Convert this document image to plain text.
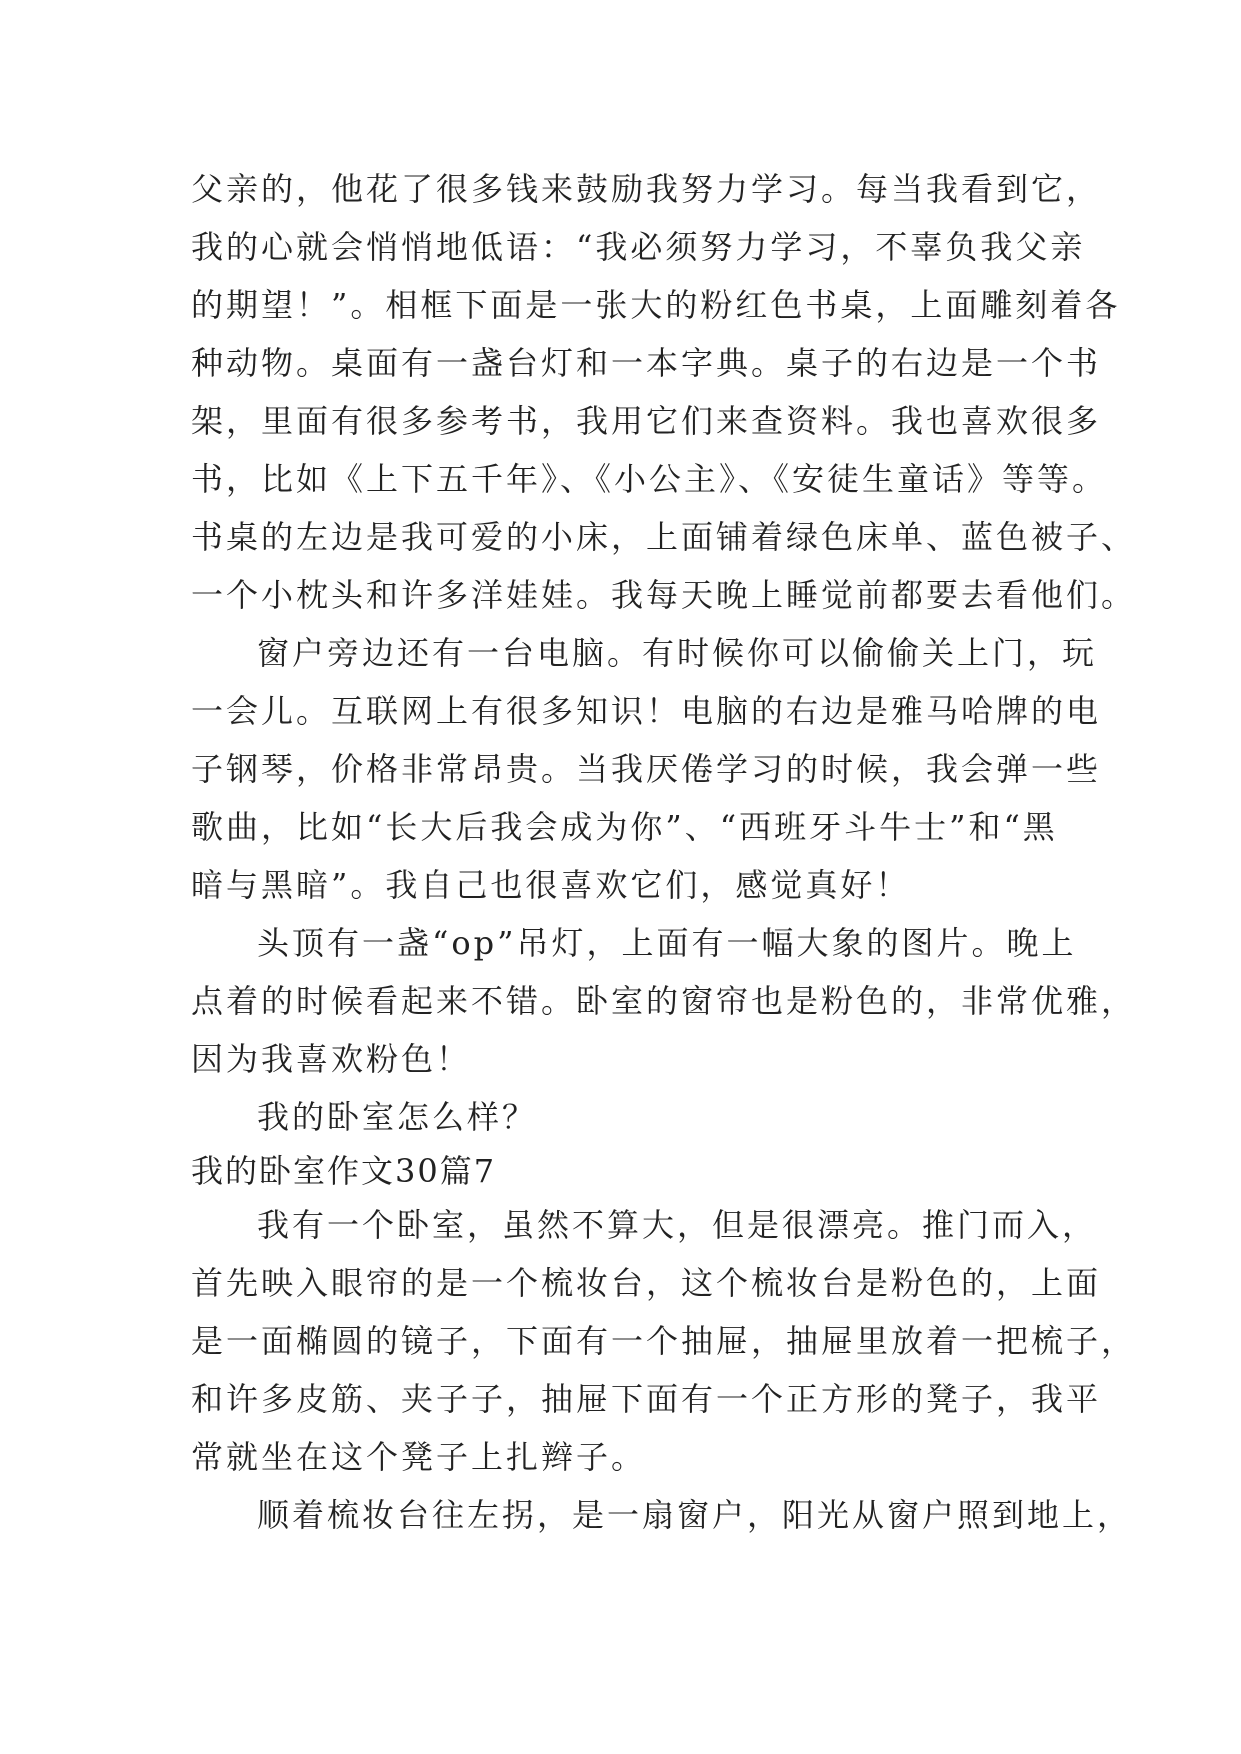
父亲的，他花了很多钱来鼓励我努力学习。每当我看到它，
我的心就会悄悄地低语：“我必须努力学习，不辜负我父亲
的期望！”。相框下面是一张大的粉红色书桌，上面雕刻着各
种动物。桌面有一盏台灯和一本字典。桌子的右边是一个书
架，里面有很多参考书，我用它们来查资料。我也喜欢很多
书，比如《上下五千年》、《小公主》、《安徒生童话》等等。
书桌的左边是我可爱的小床，上面铺着绿色床单、蓝色被子、
一个小枕头和许多洋娃娃。我每天晚上睡觉前都要去看他们。
窗户旁边还有一台电脑。有时候你可以偷偷关上门，玩
一会儿。互联网上有很多知识！电脑的右边是雅马哈牌的电
子钢琴，价格非常昂贵。当我厌倦学习的时候，我会弹一些
歌曲，比如“长大后我会成为你”、“西班牙斗牛士”和“黑
暗与黑暗”。我自己也很喜欢它们，感觉真好！
头顶有一盏“op”吊灯，上面有一幅大象的图片。晚上
点着的时候看起来不错。卧室的窗帘也是粉色的，非常优雅，
因为我喜欢粉色！
我的卧室怎么样？
我的卧室作文30篇7
我有一个卧室，虽然不算大，但是很漂亮。推门而入，
首先映入眼帘的是一个梳妆台，这个梳妆台是粉色的，上面
是一面椭圆的镜子，下面有一个抽屉，抽屉里放着一把梳子，
和许多皮筋、夹子子，抽屉下面有一个正方形的凳子，我平
常就坐在这个凳子上扎辫子。
顺着梳妆台往左拐，是一扇窗户，阳光从窗户照到地上，
